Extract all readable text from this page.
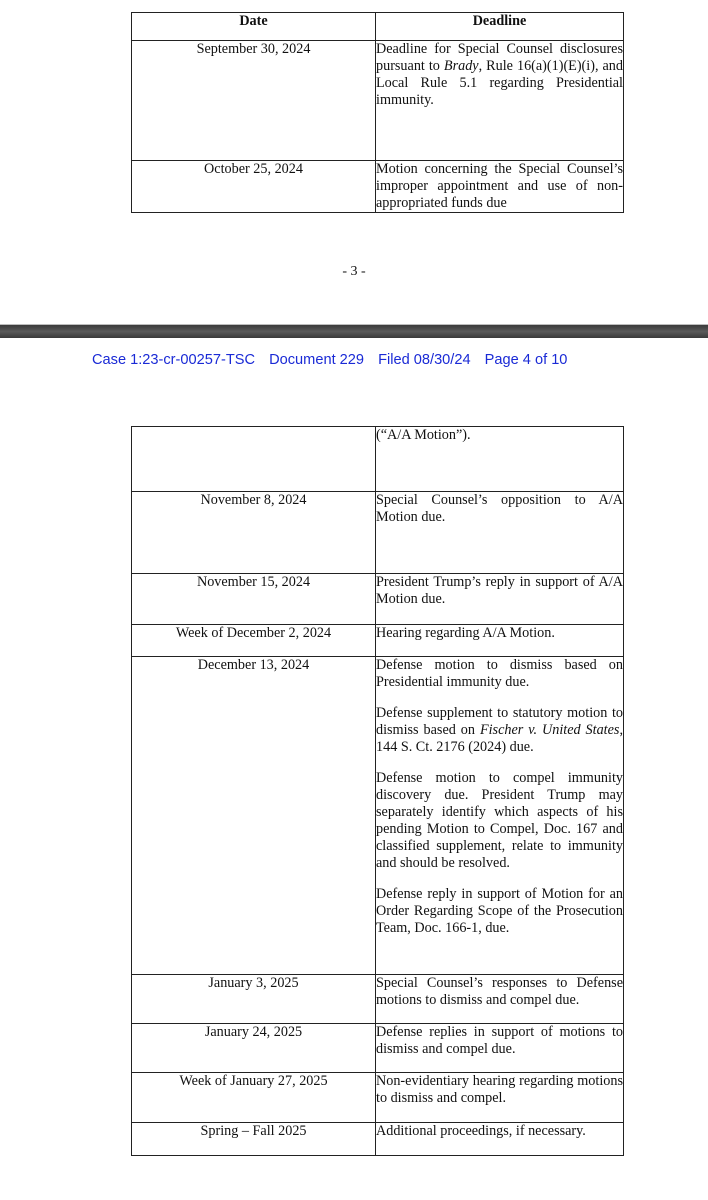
Date	Deadline
September 30, 2024	Deadline for Special Counsel disclosures pursuant to Brady, Rule 16(a)(1)(E)(i), and Local Rule 5.1 regarding Presidential immunity.
October 25, 2024	Motion concerning the Special Counsel’s improper appointment and use of non-appropriated funds due
- 3 -
Case 1:23-cr-00257-TSC Document 229 Filed 08/30/24 Page 4 of 10
	(“A/A Motion”).
November 8, 2024	Special Counsel’s opposition to A/A Motion due.
November 15, 2024	President Trump’s reply in support of A/A Motion due.
Week of December 2, 2024	Hearing regarding A/A Motion.
December 13, 2024	Defense motion to dismiss based on Presidential immunity due.

Defense supplement to statutory motion to dismiss based on Fischer v. United States, 144 S. Ct. 2176 (2024) due.

Defense motion to compel immunity discovery due. President Trump may separately identify which aspects of his pending Motion to Compel, Doc. 167 and classified supplement, relate to immunity and should be resolved.

Defense reply in support of Motion for an Order Regarding Scope of the Prosecution Team, Doc. 166-1, due.

January 3, 2025	Special Counsel’s responses to Defense motions to dismiss and compel due.
January 24, 2025	Defense replies in support of motions to dismiss and compel due.
Week of January 27, 2025	Non-evidentiary hearing regarding motions to dismiss and compel.
Spring – Fall 2025	Additional proceedings, if necessary.
